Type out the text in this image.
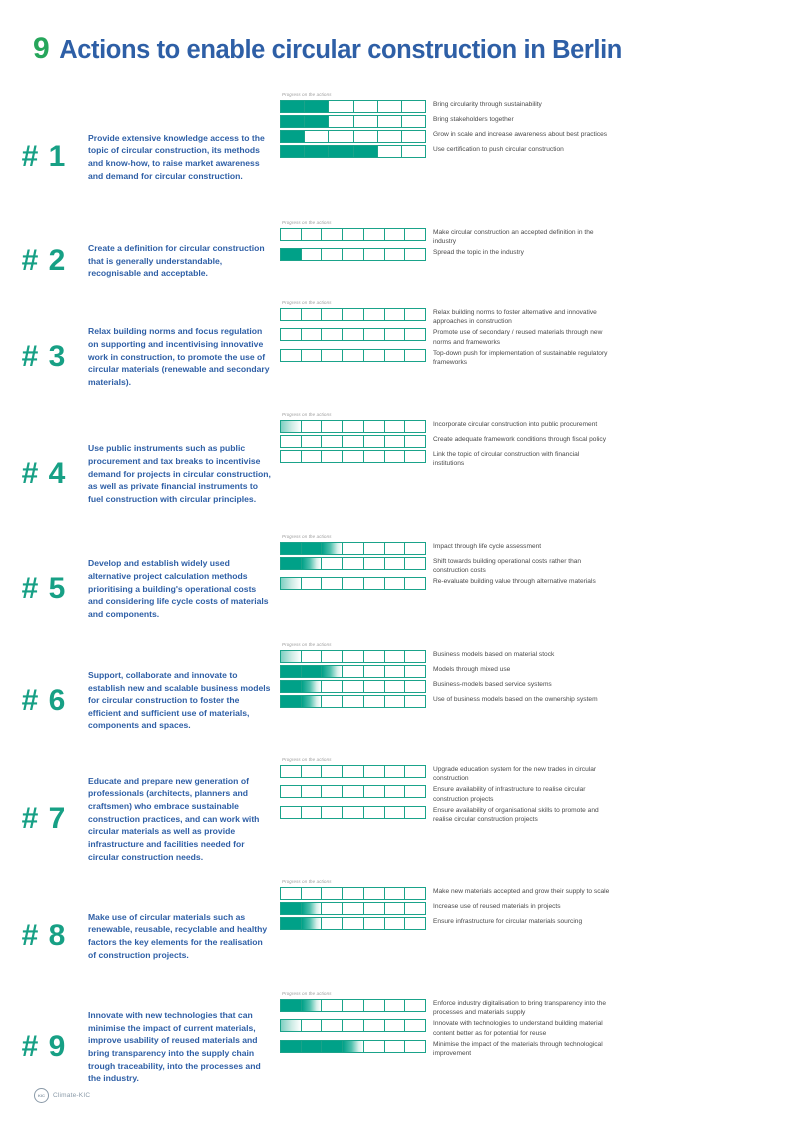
9 Actions to enable circular construction in Berlin
# 1
Provide extensive knowledge access to the topic of circular construction, its methods and know-how, to raise market awareness and demand for circular construction.
Progress on the actions
Bring circularity through sustainability
Bring stakeholders together
Grow in scale and increase awareness about best practices
Use certification to push circular construction
# 2	Create a definition for circular construction that is generally understandable, recognisable and acceptable.
Progress on the actions
Make circular construction an accepted definition in the industry
Spread the topic in the industry
# 3
Relax building norms and focus regulation on supporting and incentivising innovative work in construction, to promote the use of circular materials (renewable and secondary materials).
Progress on the actions
Relax building norms to foster alternative and innovative approaches in construction
Promote use of secondary / reused materials through new norms and frameworks
Top-down push for implementation of sustainable regulatory frameworks
# 4
Use public instruments such as public procurement and tax breaks to incentivise demand for projects in circular construction, as well as private financial instruments to fuel construction with circular principles.
Progress on the actions
Incorporate circular construction into public procurement
Create adequate framework conditions through fiscal policy
Link the topic of circular construction with financial institutions
# 5
Develop and establish widely used alternative project calculation methods prioritising a building's operational costs and considering life cycle costs of materials and components.
Progress on the actions
Impact through life cycle assessment
Shift towards building operational costs rather than construction costs
Re-evaluate building value through alternative materials
# 6
Support, collaborate and innovate to establish new and scalable business models for circular construction to foster the efficient and sufficient use of materials, components and spaces.
Progress on the actions
Business models based on material stock
Models through mixed use
Business-models based service systems
Use of business models based on the ownership system
# 7
Educate and prepare new generation of professionals (architects, planners and craftsmen) who embrace sustainable construction practices, and can work with circular materials as well as provide infrastructure and facilities needed for circular construction needs.
Progress on the actions
Upgrade education system for the new trades in circular construction
Ensure availability of infrastructure to realise circular construction projects
Ensure availability of organisational skills to promote and realise circular construction projects
# 8
Make use of circular materials such as renewable, reusable, recyclable and healthy factors the key elements for the realisation of construction projects.
Progress on the actions
Make new materials accepted and grow their supply to scale
Increase use of reused materials in projects
Ensure infrastructure for circular materials sourcing
# 9
Innovate with new technologies that can minimise the impact of current materials, improve usability of reused materials and bring transparency into the supply chain trough traceability, into the processes and the industry.
Progress on the actions
Enforce industry digitalisation to bring transparency into the processes and materials supply
Innovate with technologies to understand building material content better as for potential for reuse
Minimise the impact of the materials through technological improvement
KIC	Climate-KIC
